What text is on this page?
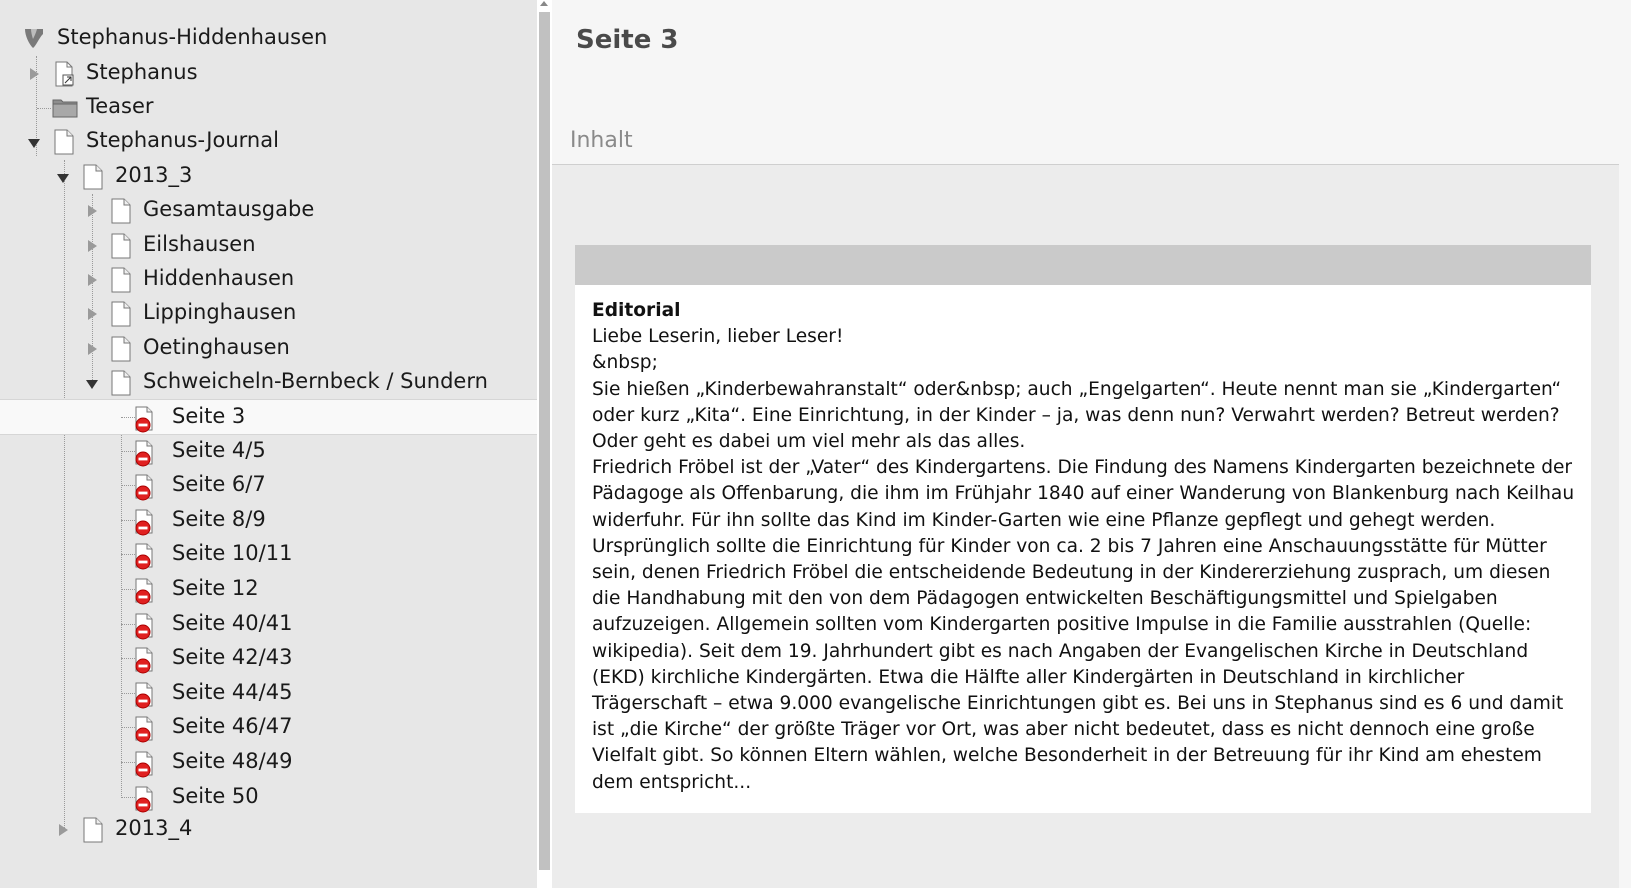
Stephanus-Hiddenhausen
Stephanus
Teaser
Stephanus-Journal
2013_3
Gesamtausgabe
Eilshausen
Hiddenhausen
Lippinghausen
Oetinghausen
Schweicheln-Bernbeck / Sundern
Seite 3
Seite 4/5
Seite 6/7
Seite 8/9
Seite 10/11
Seite 12
Seite 40/41
Seite 42/43
Seite 44/45
Seite 46/47
Seite 48/49
Seite 50
2013_4
Seite 3
Inhalt

Editorial

Liebe Leserin, lieber Leser!

&nbsp;

Sie hießen „Kinderbewahranstalt“ oder&nbsp; auch „Engelgarten“. Heute nennt man sie „Kindergarten“ oder kurz „Kita“. Eine Einrichtung, in der Kinder – ja, was denn nun? Verwahrt werden? Betreut werden? Oder geht es dabei um viel mehr als das alles.

Friedrich Fröbel ist der „Vater“ des Kindergartens. Die Findung des Namens Kindergarten bezeichnete der Pädagoge als Offenbarung, die ihm im Frühjahr 1840 auf einer Wanderung von Blankenburg nach Keilhau widerfuhr. Für ihn sollte das Kind im Kinder-Garten wie eine Pflanze gepflegt und gehegt werden. Ursprünglich sollte die Einrichtung für Kinder von ca. 2 bis 7 Jahren eine Anschauungsstätte für Mütter sein, denen Friedrich Fröbel die entscheidende Bedeutung in der Kindererziehung zusprach, um diesen die Handhabung mit den von dem Pädagogen entwickelten Beschäftigungsmittel und Spielgaben aufzuzeigen. Allgemein sollten vom Kindergarten positive Impulse in die Familie ausstrahlen (Quelle: wikipedia). Seit dem 19. Jahrhundert gibt es nach Angaben der Evangelischen Kirche in Deutschland (EKD) kirchliche Kindergärten. Etwa die Hälfte aller Kindergärten in Deutschland in kirchlicher Trägerschaft – etwa 9.000 evangelische Einrichtungen gibt es. Bei uns in Stephanus sind es 6 und damit ist „die Kirche“ der größte Träger vor Ort, was aber nicht bedeutet, dass es nicht dennoch eine große Vielfalt gibt. So können Eltern wählen, welche Besonderheit in der Betreuung für ihr Kind am ehestem dem entspricht...
